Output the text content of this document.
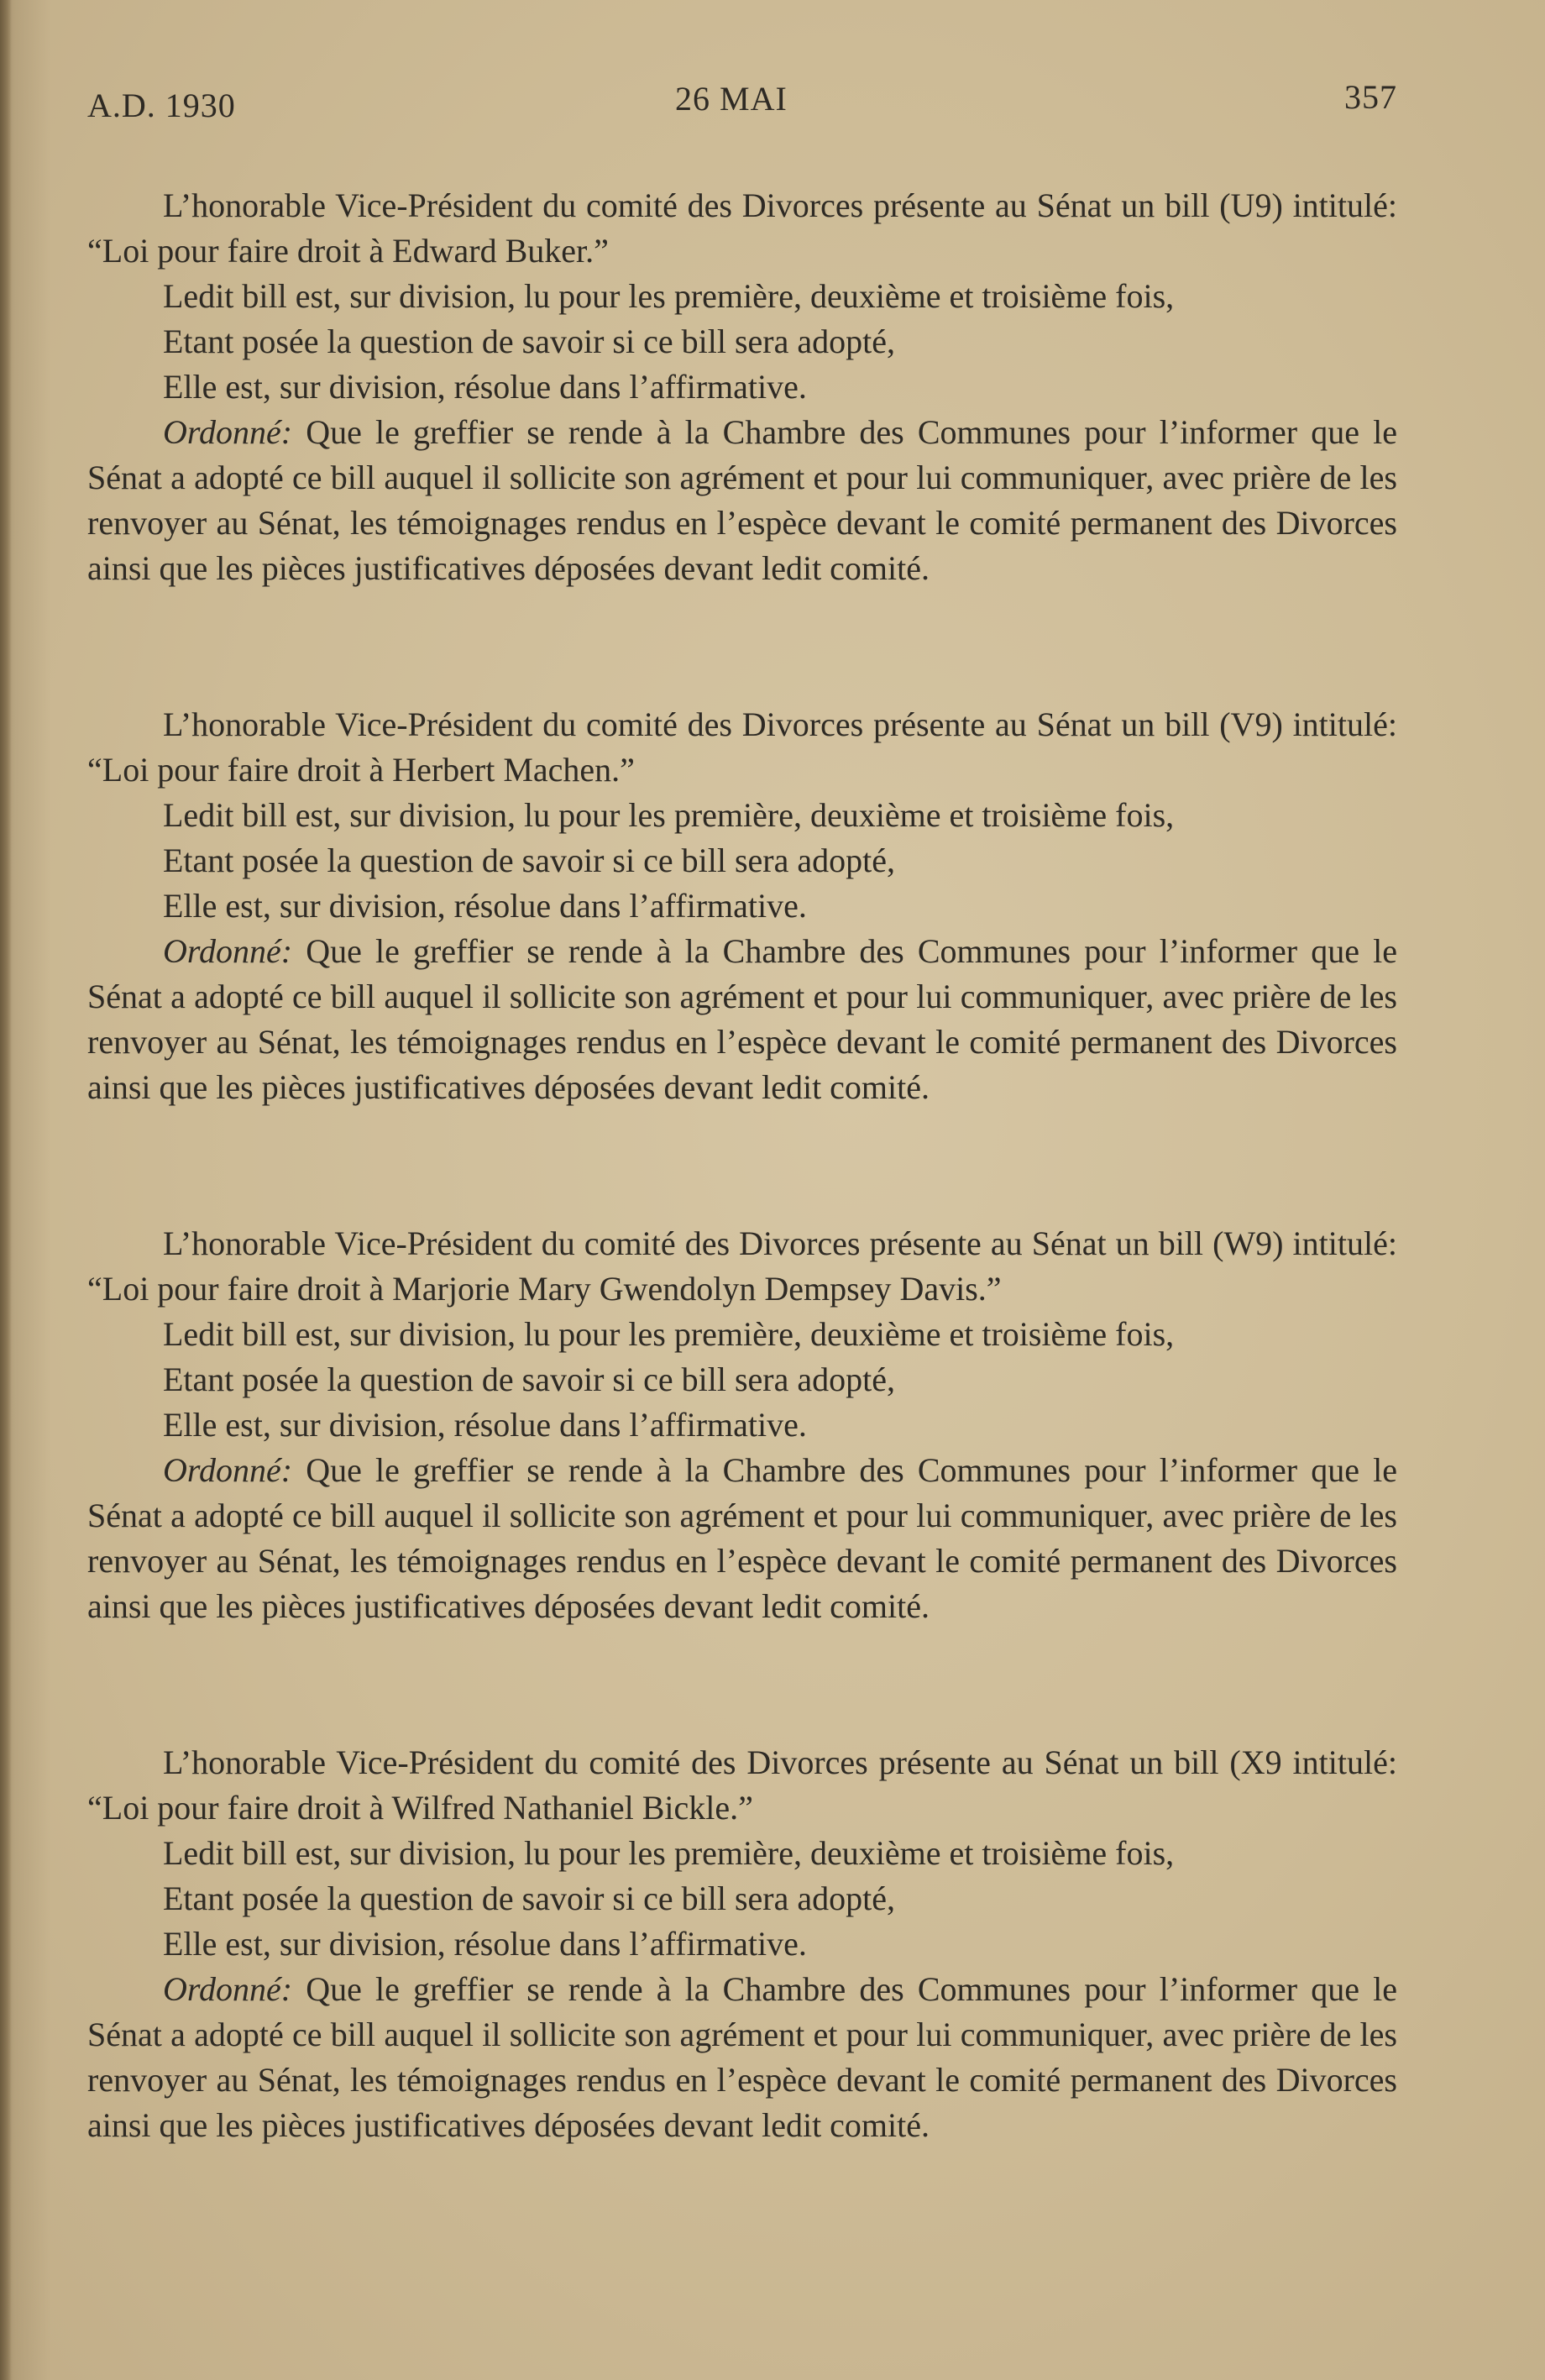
A.D. 1930	26 MAI	357

L’honorable Vice-Président du comité des Divorces présente au Sénat un bill (U9) intitulé: “Loi pour faire droit à Edward Buker.”

Ledit bill est, sur division, lu pour les première, deuxième et troisième fois,

Etant posée la question de savoir si ce bill sera adopté,

Elle est, sur division, résolue dans l’affirmative.

Ordonné: Que le greffier se rende à la Chambre des Communes pour l’informer que le Sénat a adopté ce bill auquel il sollicite son agrément et pour lui communiquer, avec prière de les renvoyer au Sénat, les témoignages rendus en l’espèce devant le comité permanent des Divorces ainsi que les pièces justificatives déposées devant ledit comité.

L’honorable Vice-Président du comité des Divorces présente au Sénat un bill (V9) intitulé: “Loi pour faire droit à Herbert Machen.”

Ledit bill est, sur division, lu pour les première, deuxième et troisième fois,

Etant posée la question de savoir si ce bill sera adopté,

Elle est, sur division, résolue dans l’affirmative.

Ordonné: Que le greffier se rende à la Chambre des Communes pour l’informer que le Sénat a adopté ce bill auquel il sollicite son agrément et pour lui communiquer, avec prière de les renvoyer au Sénat, les témoignages rendus en l’espèce devant le comité permanent des Divorces ainsi que les pièces justificatives déposées devant ledit comité.

L’honorable Vice-Président du comité des Divorces présente au Sénat un bill (W9) intitulé: “Loi pour faire droit à Marjorie Mary Gwendolyn Dempsey Davis.”

Ledit bill est, sur division, lu pour les première, deuxième et troisième fois,

Etant posée la question de savoir si ce bill sera adopté,

Elle est, sur division, résolue dans l’affirmative.

Ordonné: Que le greffier se rende à la Chambre des Communes pour l’informer que le Sénat a adopté ce bill auquel il sollicite son agrément et pour lui communiquer, avec prière de les renvoyer au Sénat, les témoignages rendus en l’espèce devant le comité permanent des Divorces ainsi que les pièces justificatives déposées devant ledit comité.

L’honorable Vice-Président du comité des Divorces présente au Sénat un bill (X9 intitulé: “Loi pour faire droit à Wilfred Nathaniel Bickle.”

Ledit bill est, sur division, lu pour les première, deuxième et troisième fois,

Etant posée la question de savoir si ce bill sera adopté,

Elle est, sur division, résolue dans l’affirmative.

Ordonné: Que le greffier se rende à la Chambre des Communes pour l’informer que le Sénat a adopté ce bill auquel il sollicite son agrément et pour lui communiquer, avec prière de les renvoyer au Sénat, les témoignages rendus en l’espèce devant le comité permanent des Divorces ainsi que les pièces justificatives déposées devant ledit comité.
